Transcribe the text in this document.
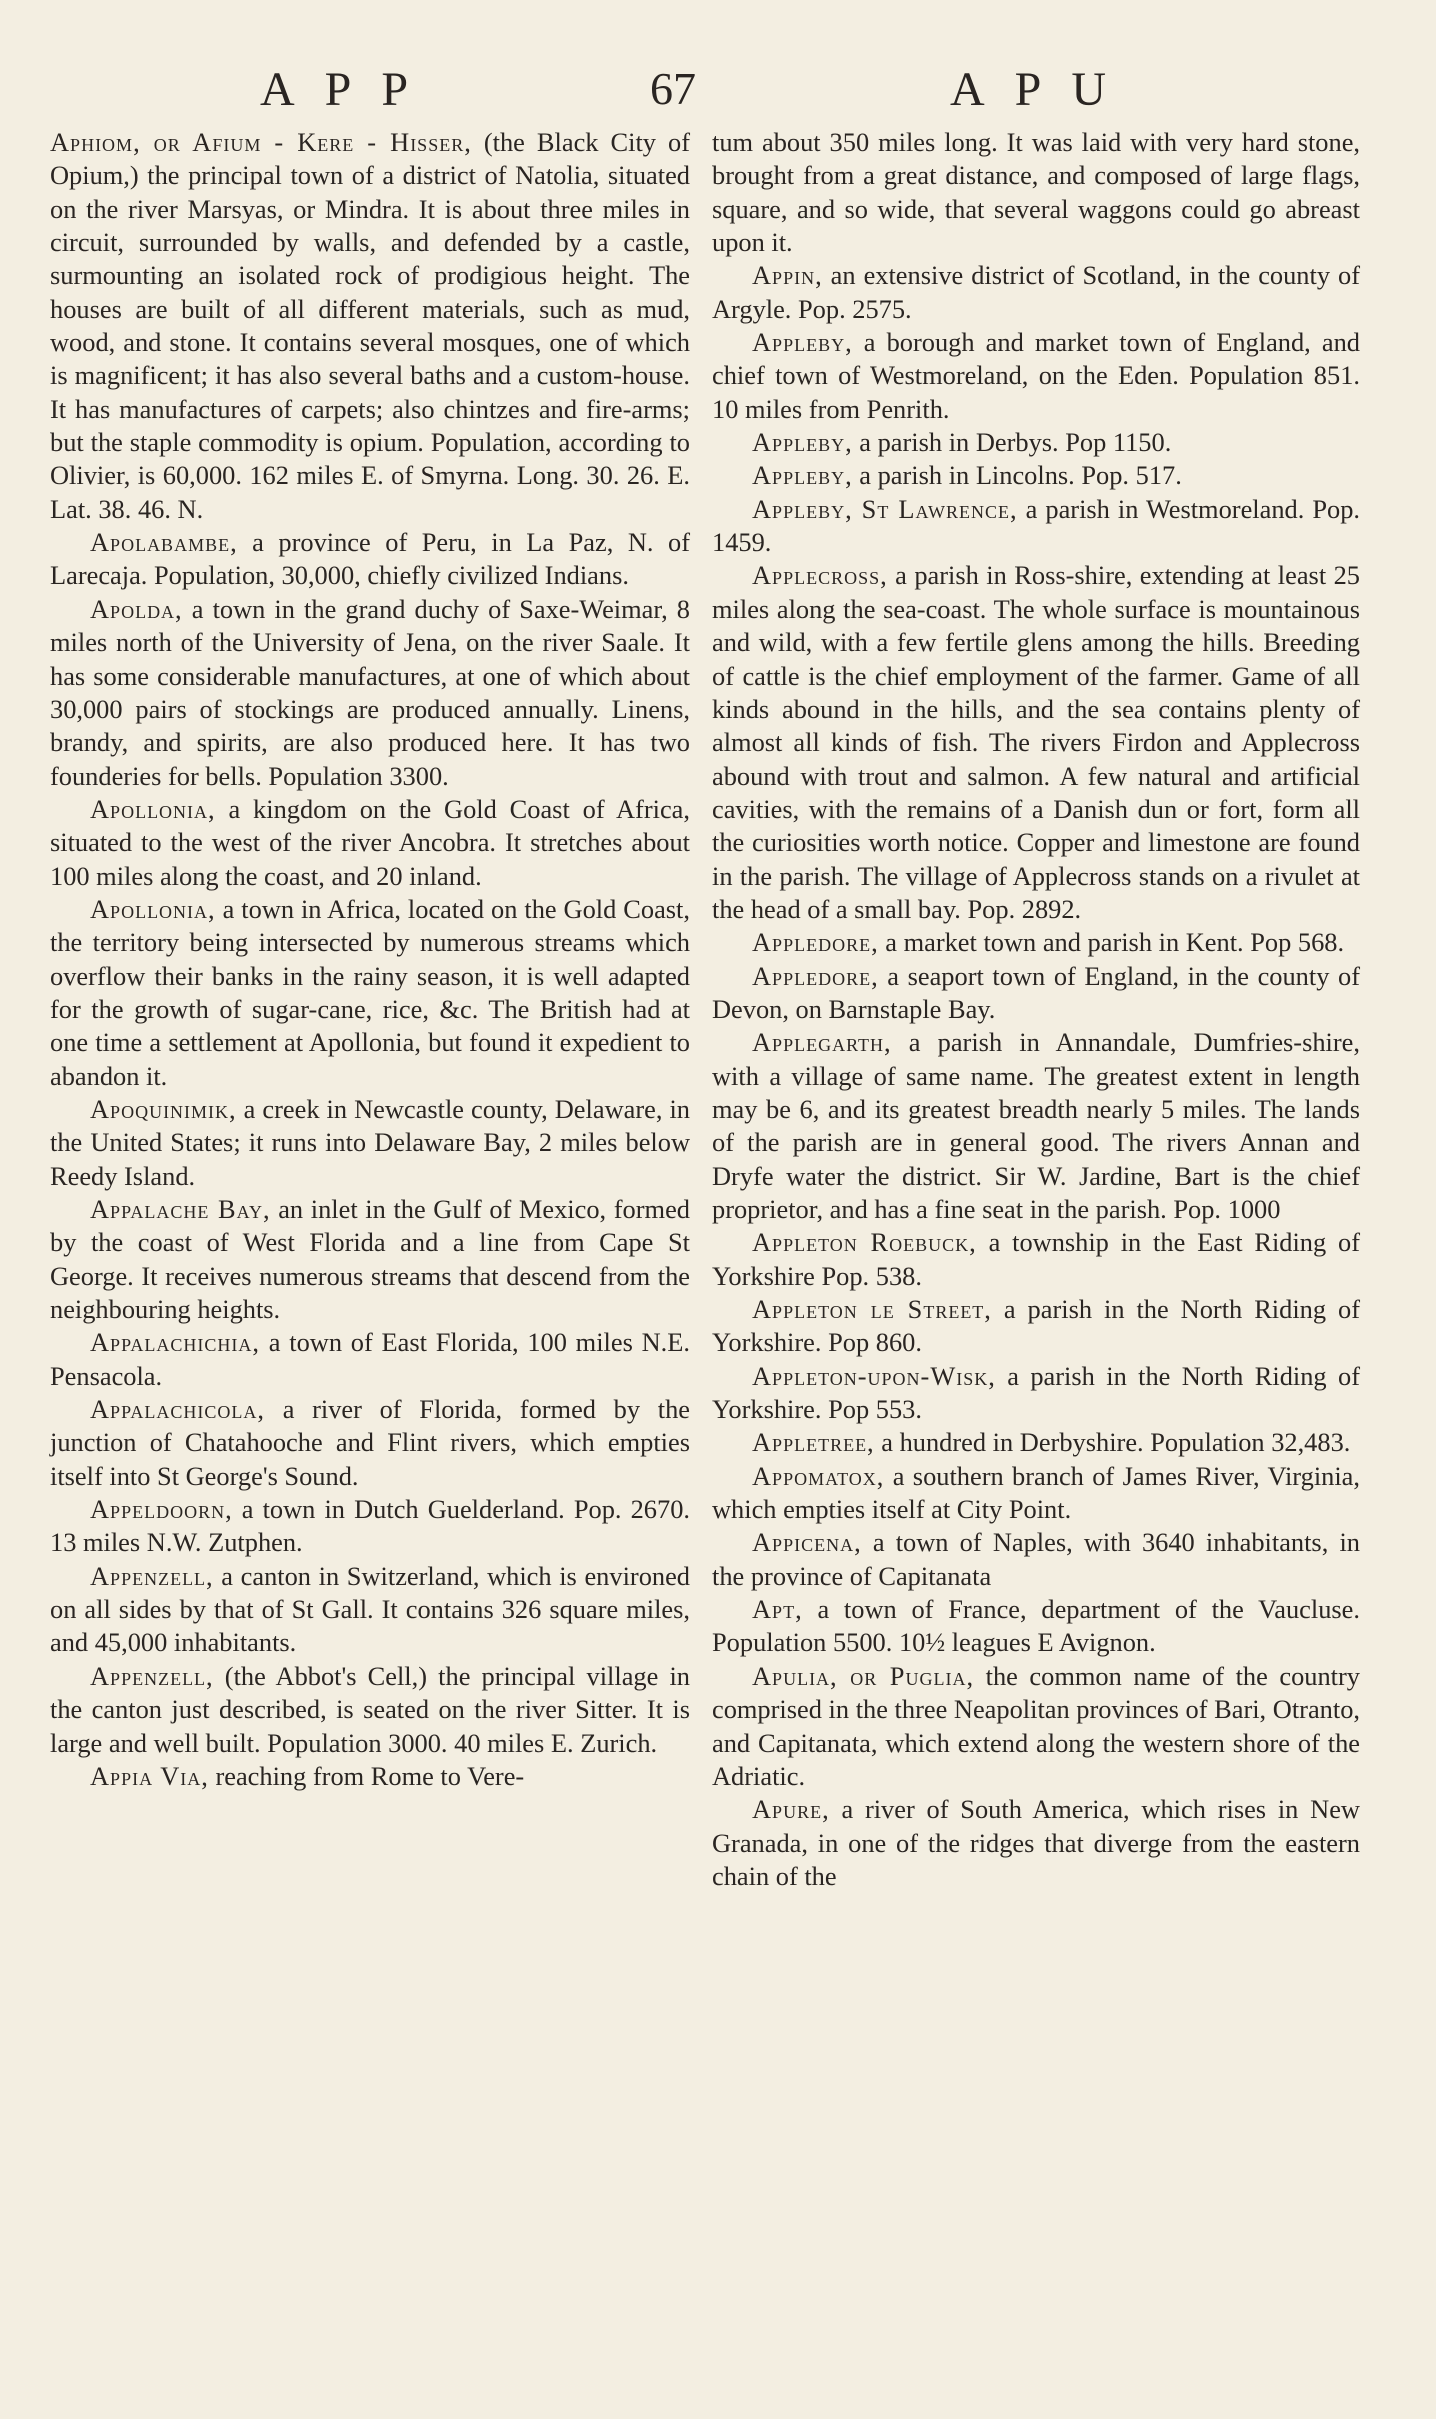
APP	67	APU

Aphiom, or Afium - Kere - Hisser, (the Black City of Opium,) the principal town of a district of Natolia, situated on the river Marsyas, or Mindra. It is about three miles in circuit, surrounded by walls, and defended by a castle, surmounting an isolated rock of prodigious height. The houses are built of all different materials, such as mud, wood, and stone. It contains several mosques, one of which is magnificent; it has also several baths and a custom-house. It has manufactures of carpets; also chintzes and fire-arms; but the staple commodity is opium. Population, according to Olivier, is 60,000. 162 miles E. of Smyrna. Long. 30. 26. E. Lat. 38. 46. N.

Apolabambe, a province of Peru, in La Paz, N. of Larecaja. Population, 30,000, chiefly civilized Indians.

Apolda, a town in the grand duchy of Saxe-Weimar, 8 miles north of the University of Jena, on the river Saale. It has some considerable manufactures, at one of which about 30,000 pairs of stockings are produced annually. Linens, brandy, and spirits, are also produced here. It has two founderies for bells. Population 3300.

Apollonia, a kingdom on the Gold Coast of Africa, situated to the west of the river Ancobra. It stretches about 100 miles along the coast, and 20 inland.

Apollonia, a town in Africa, located on the Gold Coast, the territory being intersected by numerous streams which overflow their banks in the rainy season, it is well adapted for the growth of sugar-cane, rice, &c. The British had at one time a settlement at Apollonia, but found it expedient to abandon it.

Apoquinimik, a creek in Newcastle county, Delaware, in the United States; it runs into Delaware Bay, 2 miles below Reedy Island.

Appalache Bay, an inlet in the Gulf of Mexico, formed by the coast of West Florida and a line from Cape St George. It receives numerous streams that descend from the neighbouring heights.

Appalachichia, a town of East Florida, 100 miles N.E. Pensacola.

Appalachicola, a river of Florida, formed by the junction of Chatahooche and Flint rivers, which empties itself into St George's Sound.

Appeldoorn, a town in Dutch Guelderland. Pop. 2670. 13 miles N.W. Zutphen.

Appenzell, a canton in Switzerland, which is environed on all sides by that of St Gall. It contains 326 square miles, and 45,000 inhabitants.

Appenzell, (the Abbot's Cell,) the principal village in the canton just described, is seated on the river Sitter. It is large and well built. Population 3000. 40 miles E. Zurich.

Appia Via, reaching from Rome to Vere-

tum about 350 miles long. It was laid with very hard stone, brought from a great distance, and composed of large flags, square, and so wide, that several waggons could go abreast upon it.

Appin, an extensive district of Scotland, in the county of Argyle. Pop. 2575.

Appleby, a borough and market town of England, and chief town of Westmoreland, on the Eden. Population 851. 10 miles from Penrith.

Appleby, a parish in Derbys. Pop 1150.

Appleby, a parish in Lincolns. Pop. 517.

Appleby, St Lawrence, a parish in Westmoreland. Pop. 1459.

Applecross, a parish in Ross-shire, extending at least 25 miles along the sea-coast. The whole surface is mountainous and wild, with a few fertile glens among the hills. Breeding of cattle is the chief employment of the farmer. Game of all kinds abound in the hills, and the sea contains plenty of almost all kinds of fish. The rivers Firdon and Applecross abound with trout and salmon. A few natural and artificial cavities, with the remains of a Danish dun or fort, form all the curiosities worth notice. Copper and limestone are found in the parish. The village of Applecross stands on a rivulet at the head of a small bay. Pop. 2892.

Appledore, a market town and parish in Kent. Pop 568.

Appledore, a seaport town of England, in the county of Devon, on Barnstaple Bay.

Applegarth, a parish in Annandale, Dumfries-shire, with a village of same name. The greatest extent in length may be 6, and its greatest breadth nearly 5 miles. The lands of the parish are in general good. The rivers Annan and Dryfe water the district. Sir W. Jardine, Bart is the chief proprietor, and has a fine seat in the parish. Pop. 1000

Appleton Roebuck, a township in the East Riding of Yorkshire Pop. 538.

Appleton le Street, a parish in the North Riding of Yorkshire. Pop 860.

Appleton-upon-Wisk, a parish in the North Riding of Yorkshire. Pop 553.

Appletree, a hundred in Derbyshire. Population 32,483.

Appomatox, a southern branch of James River, Virginia, which empties itself at City Point.

Appicena, a town of Naples, with 3640 inhabitants, in the province of Capitanata

Apt, a town of France, department of the Vaucluse. Population 5500. 10½ leagues E Avignon.

Apulia, or Puglia, the common name of the country comprised in the three Neapolitan provinces of Bari, Otranto, and Capitanata, which extend along the western shore of the Adriatic.

Apure, a river of South America, which rises in New Granada, in one of the ridges that diverge from the eastern chain of the
